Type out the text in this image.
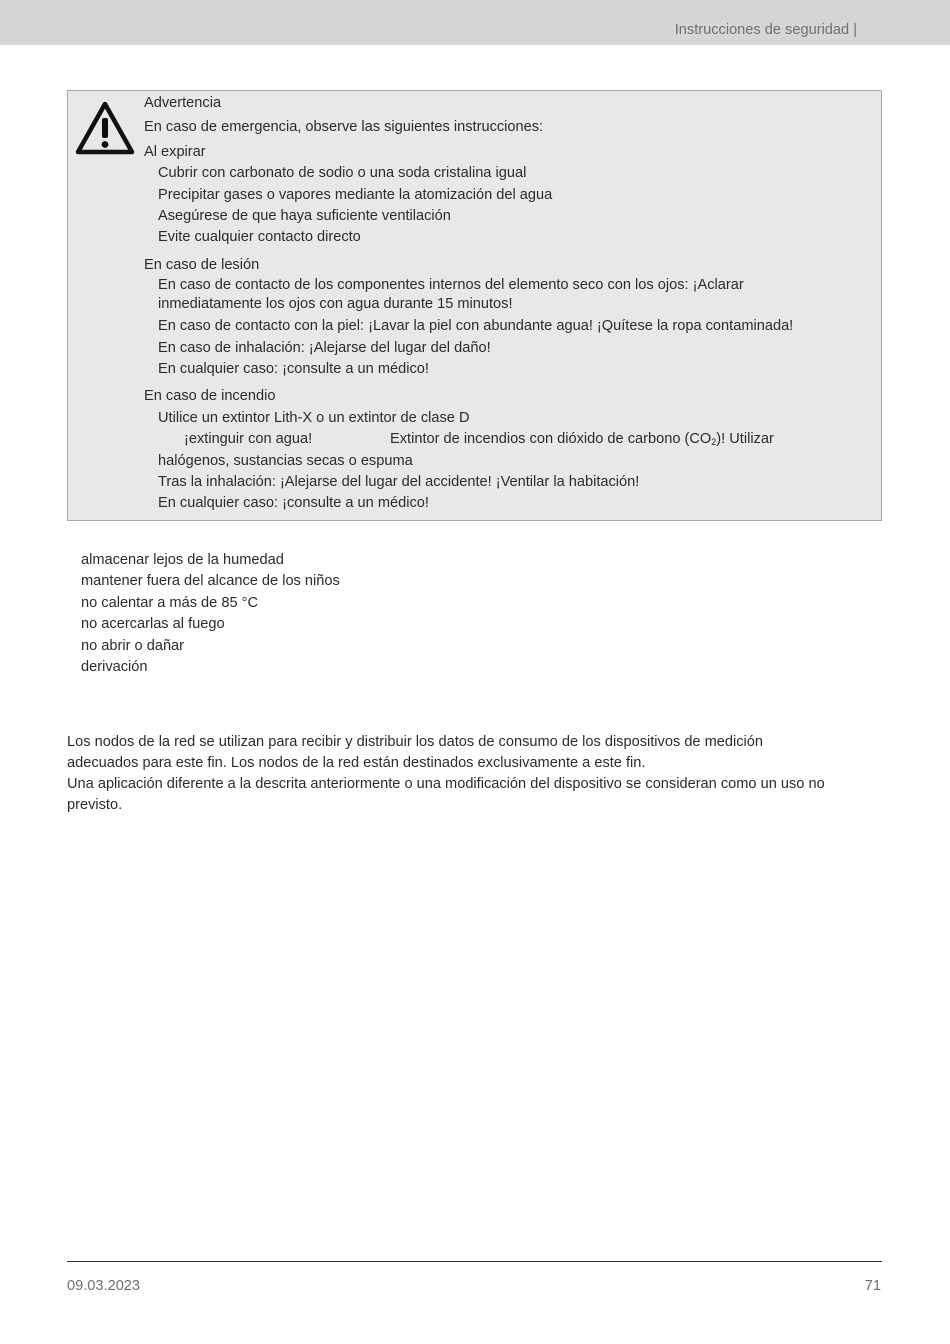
Instrucciones de seguridad |
Advertencia
En caso de emergencia, observe las siguientes instrucciones:
Al expirar
Cubrir con carbonato de sodio o una soda cristalina igual
Precipitar gases o vapores mediante la atomización del agua
Asegúrese de que haya suficiente ventilación
Evite cualquier contacto directo
En caso de lesión
En caso de contacto de los componentes internos del elemento seco con los ojos: ¡Aclarar
inmediatamente los ojos con agua durante 15 minutos!
En caso de contacto con la piel: ¡Lavar la piel con abundante agua! ¡Quítese la ropa contaminada!
En caso de inhalación: ¡Alejarse del lugar del daño!
En cualquier caso: ¡consulte a un médico!
En caso de incendio
Utilice un extintor Lith-X o un extintor de clase D
¡extinguir con agua!	Extintor de incendios con dióxido de carbono $(CO_2)$! Utilizar
halógenos, sustancias secas o espuma
Tras la inhalación: ¡Alejarse del lugar del accidente! ¡Ventilar la habitación!
En cualquier caso: ¡consulte a un médico!
almacenar lejos de la humedad
mantener fuera del alcance de los niños
no calentar a más de 85 °C
no acercarlas al fuego
no abrir o dañar
derivación

Los nodos de la red se utilizan para recibir y distribuir los datos de consumo de los dispositivos de medición
adecuados para este fin. Los nodos de la red están destinados exclusivamente a este fin.

Una aplicación diferente a la descrita anteriormente o una modificación del dispositivo se consideran como un uso no
previsto.

09.03.2023	71
